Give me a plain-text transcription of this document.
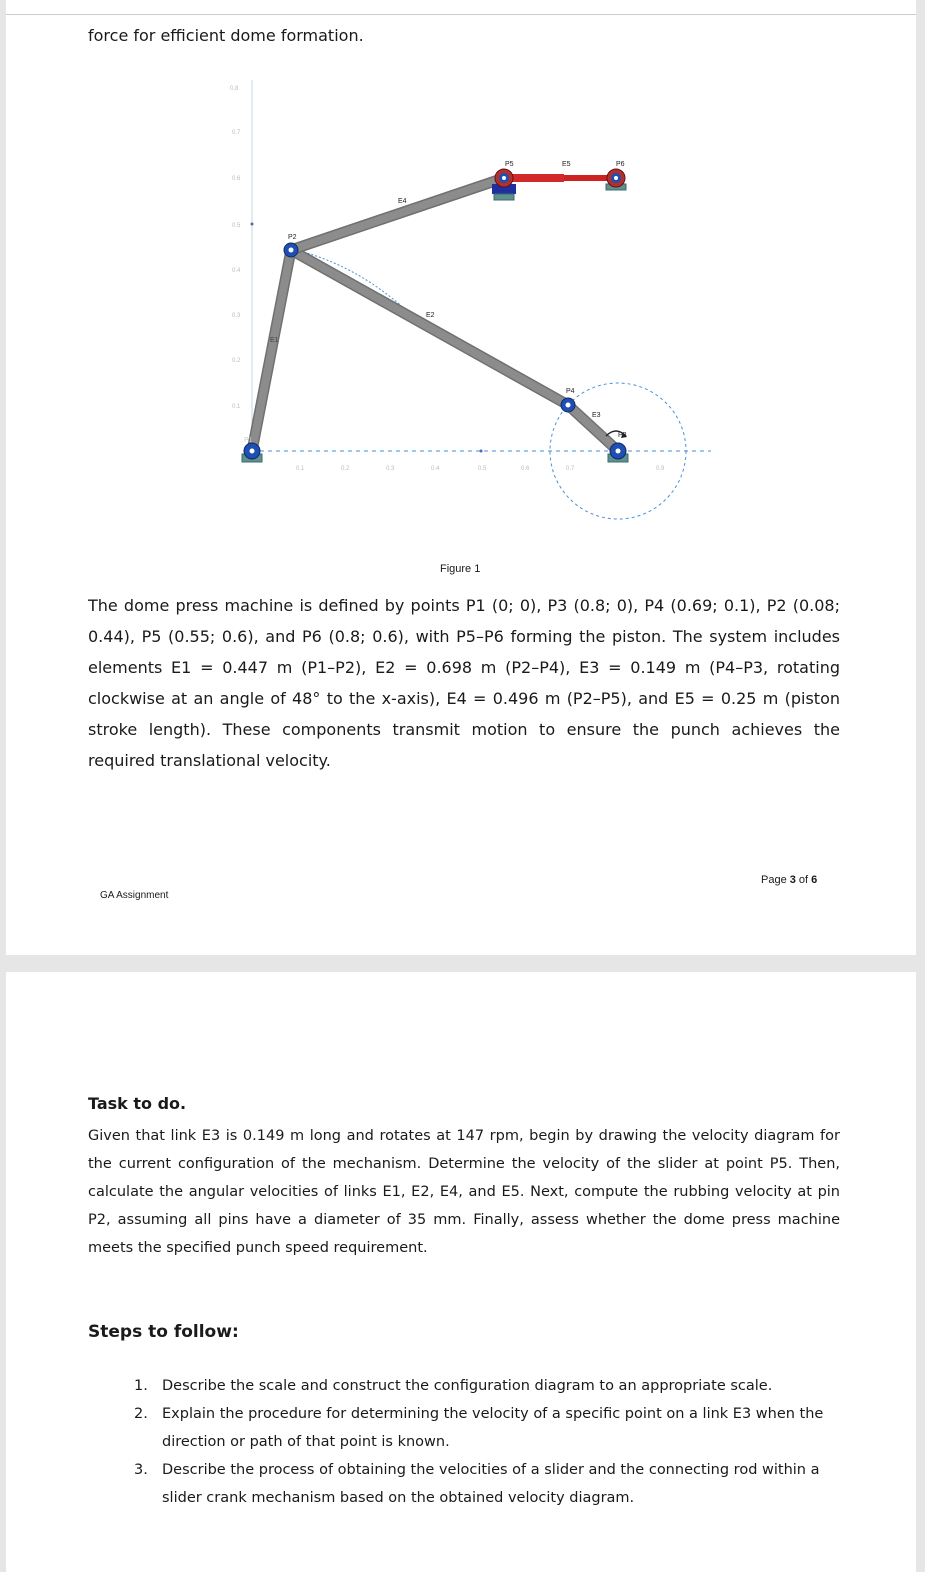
force for efficient dome formation.
0.8
0.7
0.6
0.5
0.4
0.3
0.2
0.1
0.1	0.2	0.3	0.4	0.5	0.6	0.7	0.9
P2
P4
P5	P6
P3
P1
E1
E2
E3
E4
E5
Figure 1
The dome press machine is defined by points P1 (0; 0), P3 (0.8; 0), P4 (0.69; 0.1), P2 (0.08; 0.44), P5 (0.55; 0.6), and P6 (0.8; 0.6), with P5–P6 forming the piston. The system includes elements E1 = 0.447 m (P1–P2), E2 = 0.698 m (P2–P4), E3 = 0.149 m (P4–P3, rotating clockwise at an angle of 48° to the x-axis), E4 = 0.496 m (P2–P5), and E5 = 0.25 m (piston stroke length). These components transmit motion to ensure the punch achieves the required translational velocity.
GA Assignment
Page 3 of 6
Task to do.
Given that link E3 is 0.149 m long and rotates at 147 rpm, begin by drawing the velocity diagram for the current configuration of the mechanism. Determine the velocity of the slider at point P5. Then, calculate the angular velocities of links E1, E2, E4, and E5. Next, compute the rubbing velocity at pin P2, assuming all pins have a diameter of 35 mm. Finally, assess whether the dome press machine meets the specified punch speed requirement.
Steps to follow:
1. Describe the scale and construct the configuration diagram to an appropriate scale.
2. Explain the procedure for determining the velocity of a specific point on a link E3 when the direction or path of that point is known.
3. Describe the process of obtaining the velocities of a slider and the connecting rod within a slider crank mechanism based on the obtained velocity diagram.
